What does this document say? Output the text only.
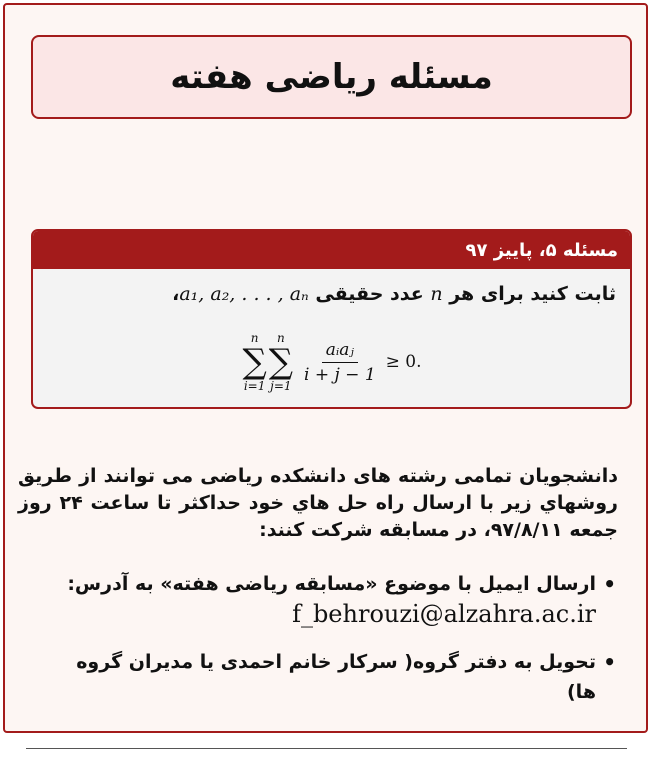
مسئله ریاضی هفته
مسئله ۵، پاییز ۹۷
ثابت کنید برای هر n عدد حقیقی a₁, a₂, . . . , aₙ،
n
∑
i=1
n
∑
j=1
$\frac{\text{aᵢaⱼ}}{i + j - 1} \ge 0$.
دانشجویان تمامی رشته های دانشکده ریاضی می توانند از طریق روشهاي زیر با ارسال راه حل هاي خود حداکثر تا ساعت ۲۴ روز جمعه ۹۷/۸/۱۱، در مسابقه شرکت کنند:
•
ارسال ایمیل با موضوع «مسابقه ریاضی هفته» به آدرس:
f_behrouzi@alzahra.ac.ir
•
تحویل به دفتر گروه( سرکار خانم احمدی یا مدیران گروه ها)
